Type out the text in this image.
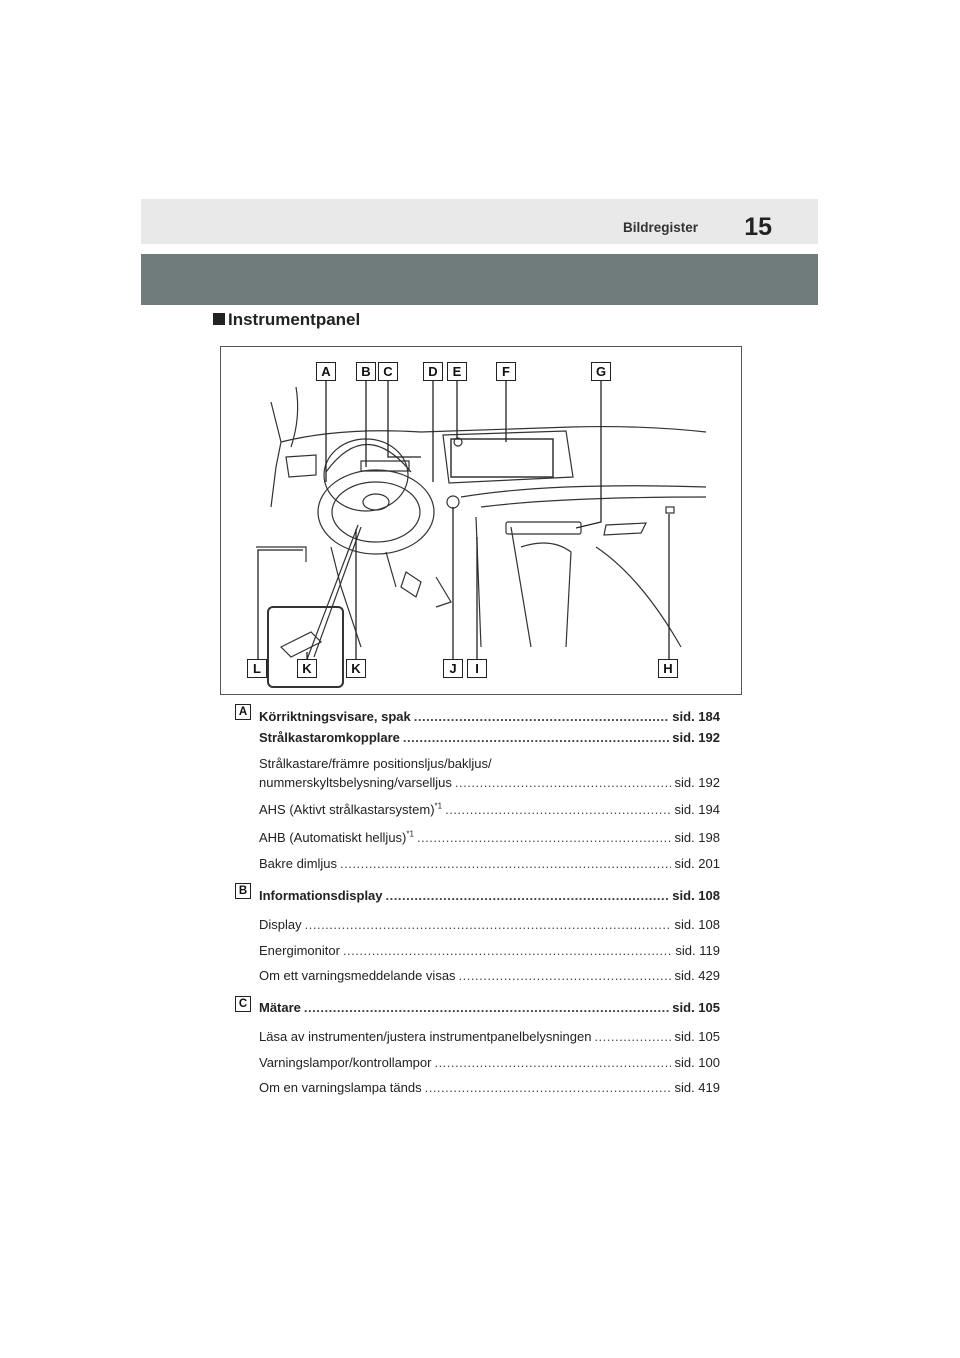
Bildregister 15
Instrumentpanel
A	B C	D	E	F	G
L	K	K	J	I	H
A Körriktningsvisare, spak .....	sid. 184
Strålkastaromkopplare .....	sid. 192
Strålkastare/främre positionsljus/bakljus/
nummerskyltsbelysning/varselljus .....	sid. 192
AHS (Aktivt strålkastarsystem)$^{*1}$ .....	sid. 194
AHB (Automatiskt helljus)$^{*1}$ .....	sid. 198
Bakre dimljus .....	sid. 201
B Informationsdisplay .....	sid. 108
Display .....	sid. 108
Energimonitor .....	sid. 119
Om ett varningsmeddelande visas .....	sid. 429
C Mätare .....	sid. 105
Läsa av instrumenten/justera instrumentpanelbelysningen .....	sid. 105
Varningslampor/kontrollampor .....	sid. 100
Om en varningslampa tänds .....	sid. 419
